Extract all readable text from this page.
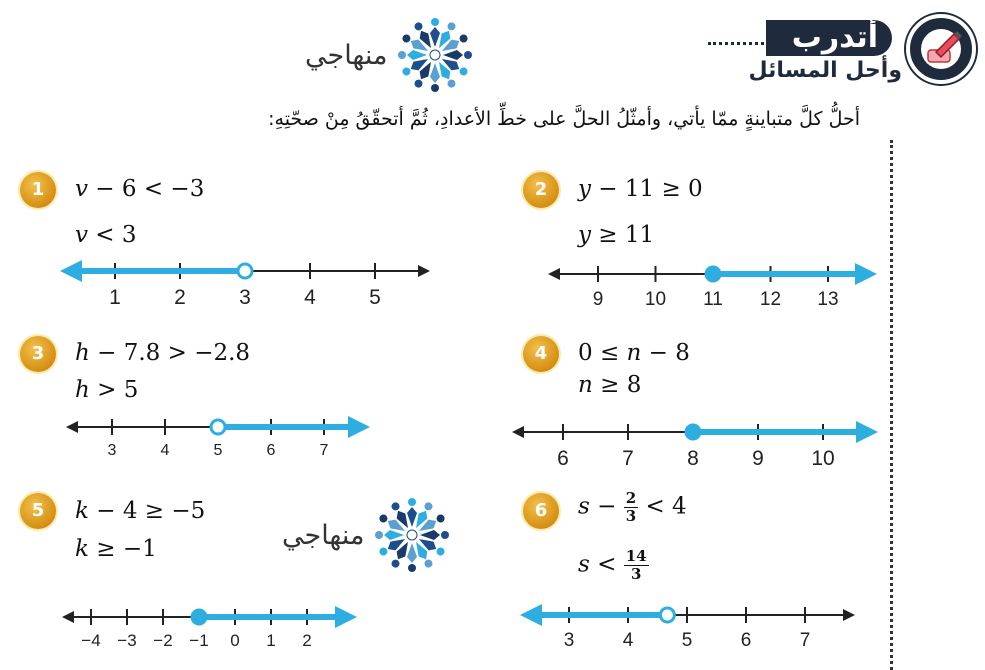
أتدرب
وأحل المسائل
منهاجي
أحلُّ كلَّ متباينةٍ ممّا يأتي، وأمثّلُ الحلَّ على خطِّ الأعدادِ، ثُمَّ أتحقّقُ مِنْ صحّتِهِ:
1	v − 6 < −3
v < 3
1	2	3	4	5
2	y − 11 ≥ 0
y ≥ 11
9 10 11 12 13
3	h − 7.8 > −2.8
h > 5
3	4	5	6	7
4	0 ≤ n − 8
n ≥ 8
6	7	8	9 10
5	k − 4 ≥ −5
k ≥ −1
−4 −3 −2 −1 0 1 2
منهاجي
6	$s - \frac{2}{3} < 4$
$s < \frac{14}{3}$
3	4	5	6	7
